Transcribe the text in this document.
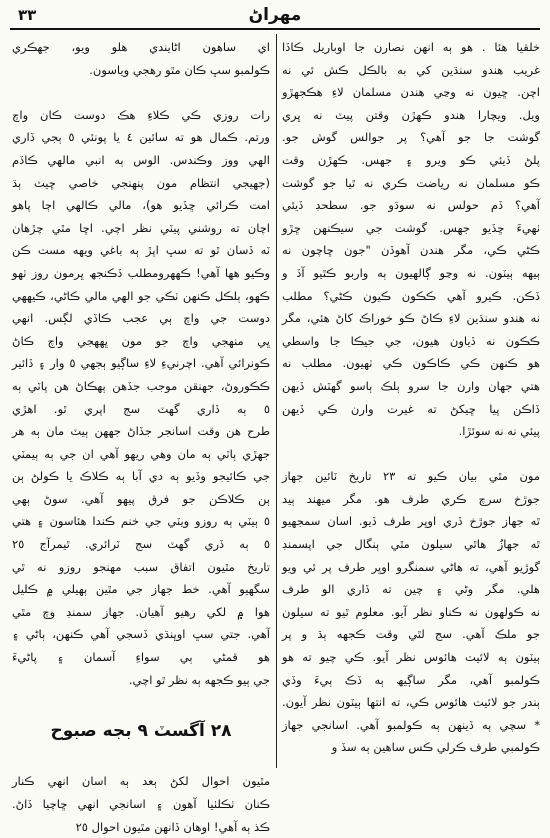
مھراڻ
٣٣
خلقيا ھئا . ھو ٻه انھن نصارن جا اوباريل ڪاڏا
غريب ھندو سنڌين کي به بالڪل ڪش ئي نه
اچن. ڇيون نه وڃي ھندن مسلمان لاءِ ھڪجھڙو
ويل. ويچارا ھندو ڪھڙن وقتن پيٽ نه ڀري
گوشت جا جو آھي؟ پر جوالس گوش جو.
پلڻ ڏيئي ڪو ويرو ۽ جھس. ڪھڙن وقت
ڪو مسلمان نه رياضت ڪري نه ٿيا جو گوشت
آھي؟ ڏم حولس نه سوڌو جو. سطحڊ ڏيئي
ٺھيءَ ڇڏيو جهس. گوشت جي سيڪنھن ڇڙو
ڪڻي ڪي، مگر ھندن آھوڏن "جون ڇاچون نه
ٻيهه ٻيٽون. نه وڃو ڳالهيون ٻه واربو ڪٿيو آڏ و
ڏڪن. ڪيرو آھي ڪڪون ڪيون ڪڻي؟ مطلب
نه ھندو سنڌين لاءِ ڪاڻ ڪو خوراڪ کاڻ ھئي، مگر
ڪڪون نه ڏياون ھيون، جي جيڪا جا واسطي
ھو ڪنھن ڪي ڪاڪون ڪي ٺھيون. مطلب نه
ھتي جھان وارن جا سرو ٻلڪ ٻاسو گھٽش ڏيھن
ڏاڪن پيا ڇيکڻ ته غيرت وارن ڪي ڏيھن
پيئي نه نه سوئڙا.

مون مٿي بيان ڪيو ته ٢٣ تاريخ ٽائين جھاز
جوڙخ سرچ ڪري طرف ھو. مگر ميھند ٻيد
ٿه جھاز جوڙخ ڏري اوڀر طرف ڏيو. اسان سمجھيو
ٿه جھازُ ھاٿي سيلون مٿي ٻنگال جي اپسمنڊ
گوڙيو آھي، ته ھاڻي سمنگرو اوڀر طرف پر ئي ويو
ھلي. مگر وڻي ۽ چين ته ڏاري الو طرف
نه ڪولھون نه ڪناو نظر آيو. معلوم ٿيو ته سيلون
جو ملڪ آھي. سج لٿي وقت ڪجهه ٻڌ و پر
ٻيٽون ٻه لائيت ھائوس نظر آيو. ڪي چيو ته ھو
ڪولمبو آھي، مگر ساڳيھ ٻه ڏڪ ٻيءَ وڏي
ٻندر جو لائيت ھائوس ڪي، ته انتها ٻيٽون نظر آيون.
* سچي ٻه ڏينهن ٻه ڪولمبو آھي. اسانجي جھاز
ڪولمبي طرف ڪرلي ڪس ساھين ٻه سڏ و
اي ساھون اڻايندي ھلو ويو، جھڪري
ڪولمبو سڀ ڪان مٿو رھجي وياسون.

رات روزي ڪي ڪلاءِ ھڪ دوست ڪان واچ
ورتم. ڪمال ھو ته سائين ٤ يا پونئي ٥ ٻجي ڏاري
الهي ووز وڪندس. الوس ٻه انبي مالهي ڪاڏم
(جھيجي انتظام مون پنهنجي خاصي ڇيٽ ٻڌ
امت ڪرائي ڇڏيو ھو)، مالي ڪالهي اڄا پاهو
اچان ته روشني پيٽي نظر اچي. اڇا مٿي چڙهان
ٽه ڏسان ٿو ته سڀ اپڙ ٻه باغي ويھه مست ڪن
وڪيو ھھا آھي! ڪھھرومطلب ڏڪنجھ ڀرمون روز ٺهو
ڪھو، ٻلڪل ڪنهن ٺڪي جو الهي مالي ڪاڻي، ڪيھھي
دوست جي واچ ٻي عجب ڪاڏي لڳس. انهي
ڀي منھجي واچ جو مون ڀھھجي واچ ڪاڻ
ڪونرائي آھي. اچرنيءِ لاءِ ساڳيو ٻجھي ٥ وار ۽ ڏائير
ڪڪوروڻ، جھنقن موجب جڏھن ٻھڪاڻ ھن پاٽي ٻه
٥ ٻه ڏاري گھٽ سج اپري ٿو. اھڙي
طرح ھن وقت اسانجر جڏاڻ جھھن ٻيٽ مان ٻه ھر
جھڙي ٻاٽي ٻه مان وھي ريھو آھي ان جي ٻه ٻيمٽي
جي ڪائيجو وڏيو ٻه دي آبا ٻه ڪلاڪ يا ڪولڻ ٻن
ٻن ڪلاڪن جو فرق پيھو آھي. سوڻ ٻھي
٥ ٻيٽي ٻه روزو ويٽي جي خنم ڪندا ھئاسون ۽ ھتي
٥ ٻه ڏري گھٽ سج ٽرائري. ٿيمرآج ٢٥
تاريخ مٿيون اتفاق سبب مھنجو روزو نه ٿي
سگھيو آھي. خط جھاز جي مٿين ٻهيلي ۾ ڪليل
ھوا ۾ لکي رھيو آھيان. جھاز سمنڊ وچ مٿي
آھي. جتي سڀ اوڀنڌي ڏسجي آھي ڪنھن، ٻاڻي ۽
ھو قمڻي ٻي سواءِ آسمان ۽ پاڻيءَ
جي ٻيو ڪجهه ٻه نظر ٿو اچي.

٢٨ آگسٽ ٩ بجه صبوح

مٿيون احوال لکڻ ٻعد ٻه اسان انهي ڪنار
ڪنان ٺڪلٺيا آھون ۽ اسانجي انهي ڇاچيا ڏاڻ.
ڪذ ٻه آھي! اوھان ڏانھن مٿيون احوال ٢٥
